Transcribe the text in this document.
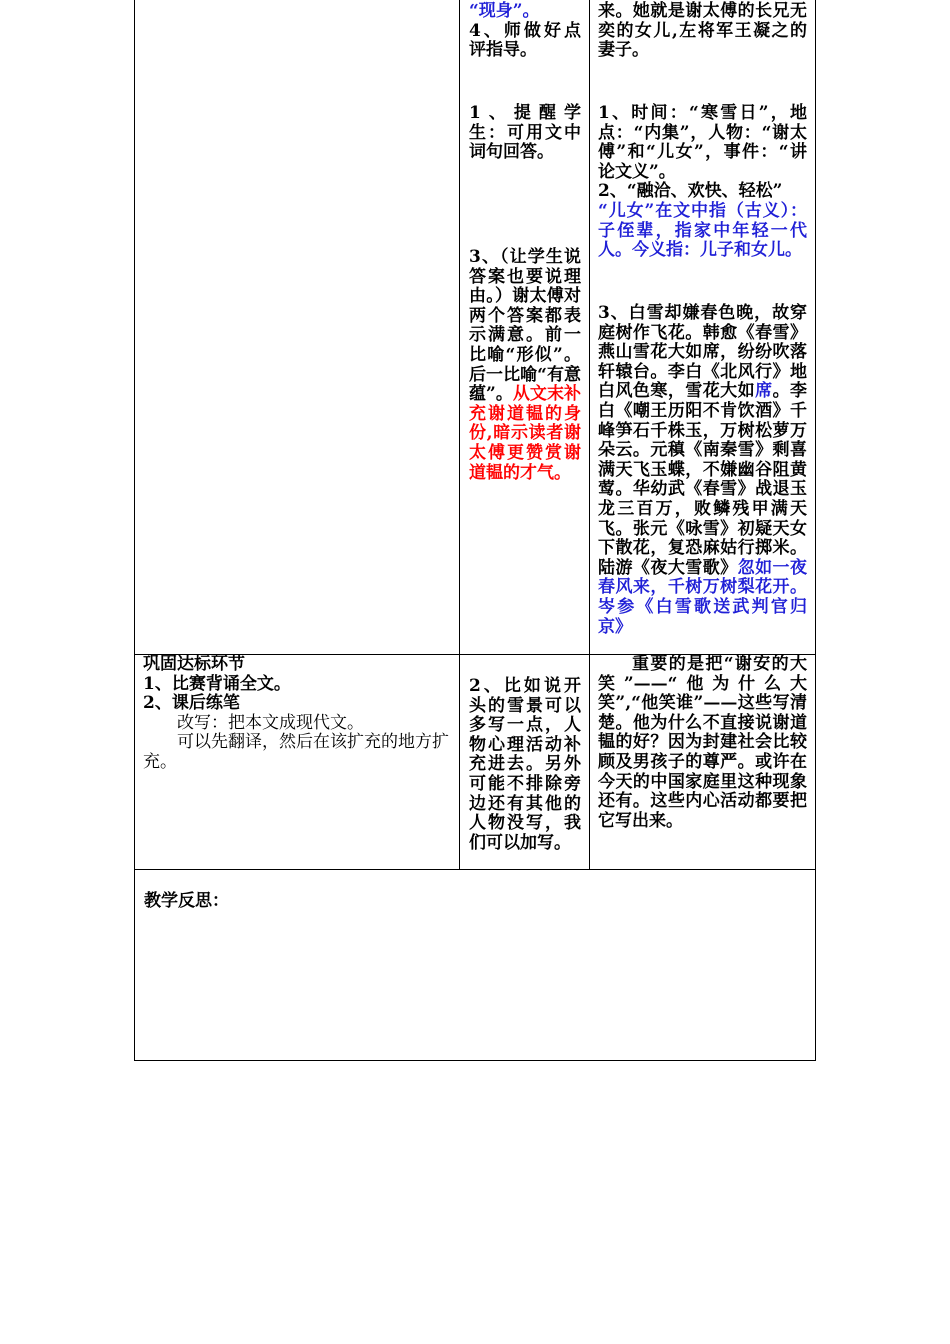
“现身”。

4、师做好点评指导。

1、提醒学生：可用文中词句回答。

3、（让学生说答案也要说理由。）谢太傅对两个答案都表示满意。前一比喻“形似”。后一比喻“有意蕴”。从文末补充谢道韫的身份,暗示读者谢太傅更赞赏谢道韫的才气。

来。她就是谢太傅的长兄无奕的女儿,左将军王凝之的妻子。

1、时间：“寒雪日”，地点：“内集”，人物：“谢太傅”和“儿女”，事件：“讲论文义”。

2、“融洽、欢快、轻松”

“儿女”在文中指（古义）：子侄辈，指家中年轻一代人。今义指：儿子和女儿。

3、白雪却嫌春色晚，故穿庭树作飞花。韩愈《春雪》燕山雪花大如席，纷纷吹落轩辕台。李白《北风行》地白风色寒，雪花大如席。李白《嘲王历阳不肯饮酒》千峰笋石千株玉，万树松萝万朵云。元稹《南秦雪》剩喜满天飞玉蝶，不嫌幽谷阻黄莺。华幼武《春雪》战退玉龙三百万，败鳞残甲满天飞。张元《咏雪》初疑天女下散花，复恐麻姑行掷米。陆游《夜大雪歌》忽如一夜春风来，千树万树梨花开。岑参《白雪歌送武判官归京》

巩固达标环节

1、比赛背诵全文。

2、课后练笔

改写：把本文成现代文。

可以先翻译，然后在该扩充的地方扩充。

2、比如说开头的雪景可以多写一点，人物心理活动补充进去。另外可能不排除旁边还有其他的人物没写，我们可以加写。

重要的是把“谢安的大笑”——“他为什么大笑”,“他笑谁”——这些写清楚。他为什么不直接说谢道韫的好？因为封建社会比较顾及男孩子的尊严。或许在今天的中国家庭里这种现象还有。这些内心活动都要把它写出来。

教学反思：
